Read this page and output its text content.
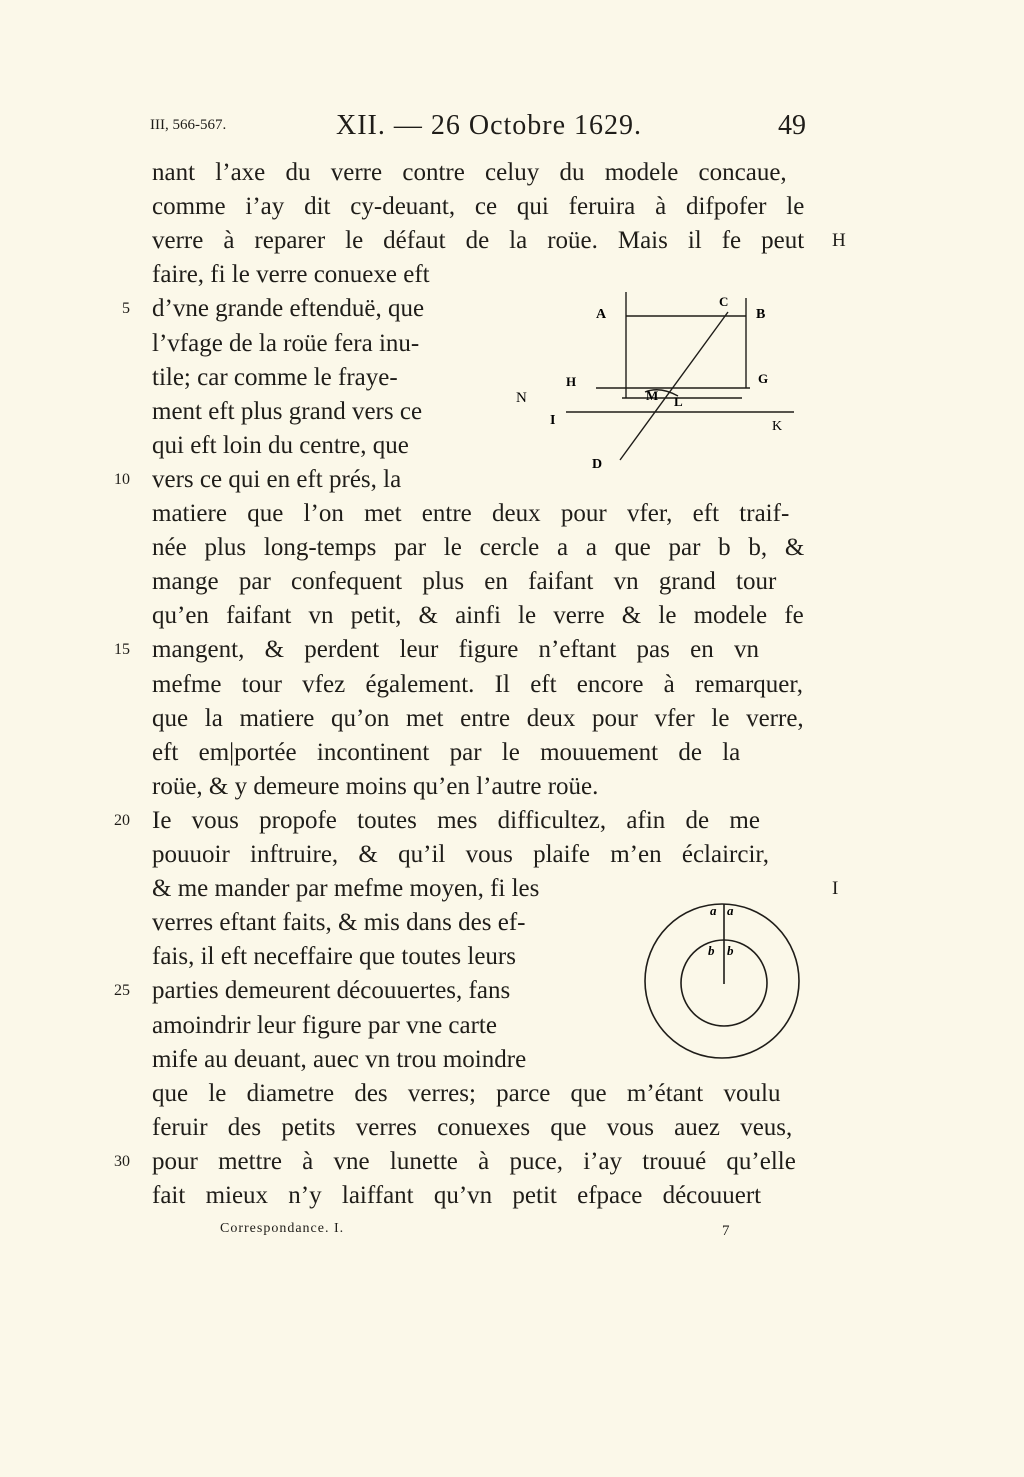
III, 566-567.	XII. — 26 Octobre 1629.	49
nant l’axe du verre contre celuy du modele concaue,
comme i’ay dit cy-deuant, ce qui feruira à difpofer le
verre à reparer le défaut de la roüe. Mais il fe peut H
faire, fi le verre conuexe eft
d’vne grande eftenduë, que
5
l’vfage de la roüe fera inu-
tile; car comme le fraye-
ment eft plus grand vers ce
qui eft loin du centre, que
vers ce qui en eft prés, la
10
matiere que l’on met entre deux pour vfer, eft traif-
née plus long-temps par le cercle a a que par b b, &
mange par confequent plus en faifant vn grand tour
qu’en faifant vn petit, & ainfi le verre & le modele fe
mangent, & perdent leur figure n’eftant pas en vn
15
mefme tour vfez également. Il eft encore à remarquer,
que la matiere qu’on met entre deux pour vfer le verre,
eft em|portée incontinent par le mouuement de la
roüe, & y demeure moins qu’en l’autre roüe.
Ie vous propofe toutes mes difficultez, afin de me
20
pouuoir inftruire, & qu’il vous plaife m’en éclaircir,
& me mander par mefme moyen, fi les	I
verres eftant faits, & mis dans des ef-
fais, il eft neceffaire que toutes leurs
parties demeurent découuertes, fans
25
amoindrir leur figure par vne carte
mife au deuant, auec vn trou moindre
que le diametre des verres; parce que m’étant voulu
feruir des petits verres conuexes que vous auez veus,
pour mettre à vne lunette à puce, i’ay trouué qu’elle
30
fait mieux n’y laiffant qu’vn petit efpace découuert
A
C
B
H	G
N	M L
I	K
D
a a
b b
Correspondance. I.	7
